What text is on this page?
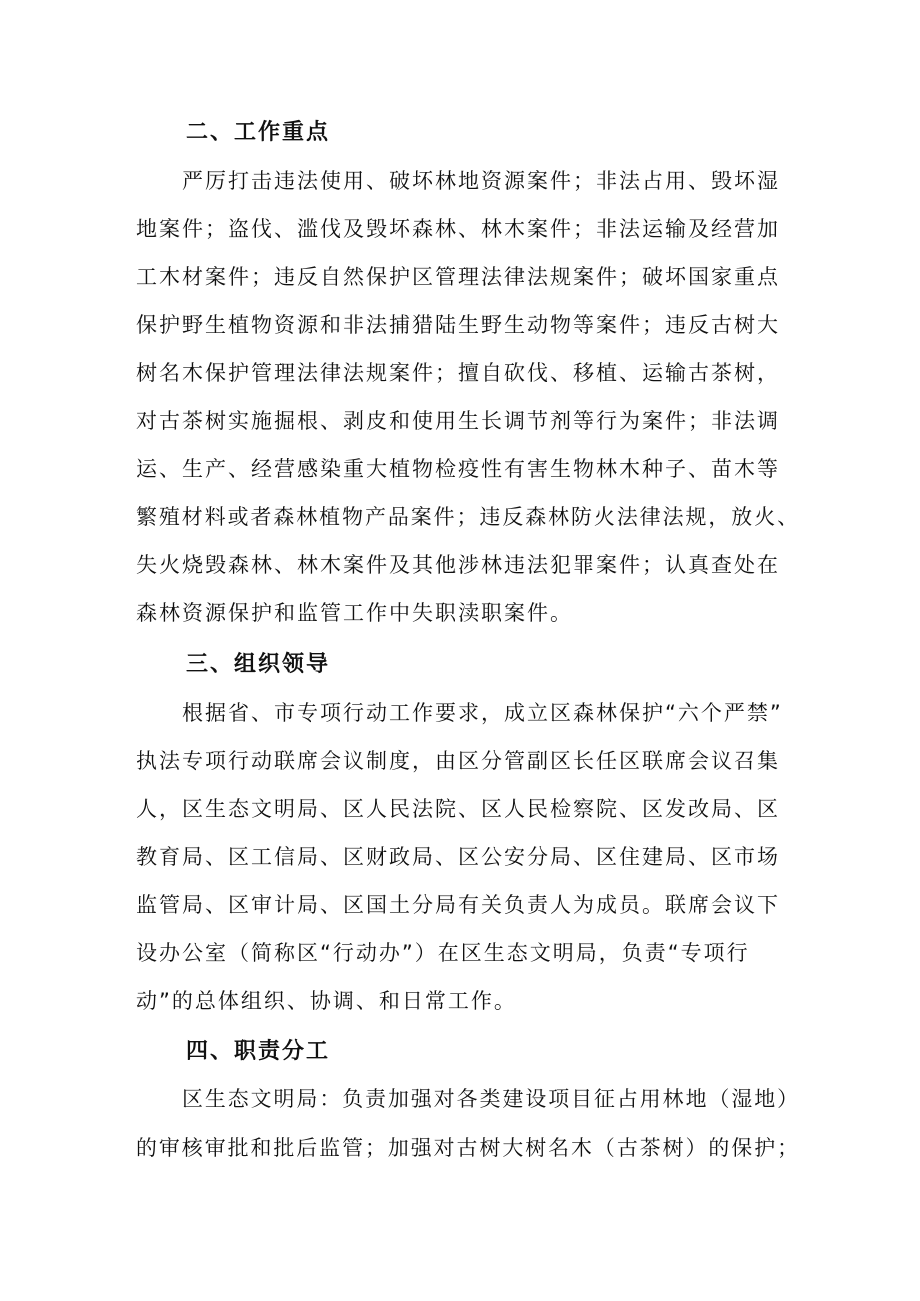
二、工作重点
严厉打击违法使用、破坏林地资源案件；非法占用、毁坏湿
地案件；盗伐、滥伐及毁坏森林、林木案件；非法运输及经营加
工木材案件；违反自然保护区管理法律法规案件；破坏国家重点
保护野生植物资源和非法捕猎陆生野生动物等案件；违反古树大
树名木保护管理法律法规案件；擅自砍伐、移植、运输古茶树，
对古茶树实施掘根、剥皮和使用生长调节剂等行为案件；非法调
运、生产、经营感染重大植物检疫性有害生物林木种子、苗木等
繁殖材料或者森林植物产品案件；违反森林防火法律法规，放火、
失火烧毁森林、林木案件及其他涉林违法犯罪案件；认真查处在
森林资源保护和监管工作中失职渎职案件。
三、组织领导
根据省、市专项行动工作要求，成立区森林保护“六个严禁”
执法专项行动联席会议制度，由区分管副区长任区联席会议召集
人，区生态文明局、区人民法院、区人民检察院、区发改局、区
教育局、区工信局、区财政局、区公安分局、区住建局、区市场
监管局、区审计局、区国土分局有关负责人为成员。联席会议下
设办公室（简称区“行动办”）在区生态文明局，负责“专项行
动”的总体组织、协调、和日常工作。
四、职责分工
区生态文明局：负责加强对各类建设项目征占用林地（湿地）
的审核审批和批后监管；加强对古树大树名木（古茶树）的保护；
